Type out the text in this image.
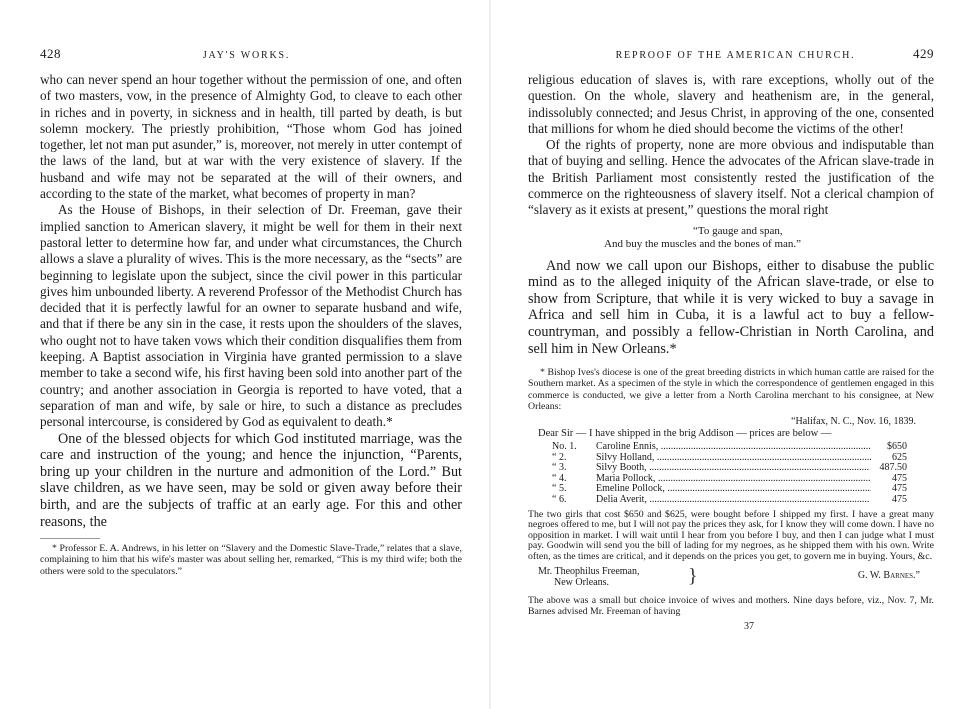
428	JAY'S WORKS.

who can never spend an hour together without the permission of one, and often of two masters, vow, in the presence of Almighty God, to cleave to each other in riches and in poverty, in sickness and in health, till parted by death, is but solemn mockery. The priestly prohibition, “Those whom God has joined together, let not man put asunder,” is, moreover, not merely in utter contempt of the laws of the land, but at war with the very existence of slavery. If the husband and wife may not be separated at the will of their owners, and according to the state of the market, what becomes of property in man?

As the House of Bishops, in their selection of Dr. Freeman, gave their implied sanction to American slavery, it might be well for them in their next pastoral letter to determine how far, and under what circumstances, the Church allows a slave a plurality of wives. This is the more necessary, as the “sects” are beginning to legislate upon the subject, since the civil power in this particular gives him unbounded liberty. A reverend Professor of the Methodist Church has decided that it is perfectly lawful for an owner to separate husband and wife, and that if there be any sin in the case, it rests upon the shoulders of the slaves, who ought not to have taken vows which their condition disqualifies them from keeping. A Baptist association in Virginia have granted permission to a slave member to take a second wife, his first having been sold into another part of the country; and another association in Georgia is reported to have voted, that a separation of man and wife, by sale or hire, to such a distance as precludes personal intercourse, is considered by God as equivalent to death.*

One of the blessed objects for which God instituted marriage, was the care and instruction of the young; and hence the injunction, “Parents, bring up your children in the nurture and admonition of the Lord.” But slave children, as we have seen, may be sold or given away before their birth, and are the subjects of traffic at an early age. For this and other reasons, the

* Professor E. A. Andrews, in his letter on “Slavery and the Domestic Slave-Trade,” relates that a slave, complaining to him that his wife's master was about selling her, remarked, “This is my third wife; both the others were sold to the speculators.”

REPROOF OF THE AMERICAN CHURCH.	429

religious education of slaves is, with rare exceptions, wholly out of the question. On the whole, slavery and heathenism are, in the general, indissolubly connected; and Jesus Christ, in approving of the one, consented that millions for whom he died should become the victims of the other!

Of the rights of property, none are more obvious and indisputable than that of buying and selling. Hence the advocates of the African slave-trade in the British Parliament most consistently rested the justification of the commerce on the righteousness of slavery itself. Not a clerical champion of “slavery as it exists at present,” questions the moral right

“To gauge and span,
And buy the muscles and the bones of man.”

And now we call upon our Bishops, either to disabuse the public mind as to the alleged iniquity of the African slave-trade, or else to show from Scripture, that while it is very wicked to buy a savage in Africa and sell him in Cuba, it is a lawful act to buy a fellow-countryman, and possibly a fellow-Christian in North Carolina, and sell him in New Orleans.*

* Bishop Ives's diocese is one of the great breeding districts in which human cattle are raised for the Southern market. As a specimen of the style in which the correspondence of gentlemen engaged in this commerce is conducted, we give a letter from a North Carolina merchant to his consignee, at New Orleans:

“Halifax, N. C., Nov. 16, 1839.
Dear Sir — I have shipped in the brig Addison — prices are below —
No. 1.	Caroline Ennis, .....	$650
“ 2.	Silvy Holland, .....	625
“ 3.	Silvy Booth, .....	487.50
“ 4.	Maria Pollock, .....	475
“ 5.	Emeline Pollock, .....	475
“ 6.	Delia Averit, .....	475

The two girls that cost $650 and $625, were bought before I shipped my first. I have a great many negroes offered to me, but I will not pay the prices they ask, for I know they will come down. I have no opposition in market. I will wait until I hear from you before I buy, and then I can judge what I must pay. Goodwin will send you the bill of lading for my negroes, as he shipped them with his own. Write often, as the times are critical, and it depends on the prices you get, to govern me in buying. Yours, &c.

Mr. Theophilus Freeman,
New Orleans.	}	G. W. Barnes.”

The above was a small but choice invoice of wives and mothers. Nine days before, viz., Nov. 7, Mr. Barnes advised Mr. Freeman of having

37
